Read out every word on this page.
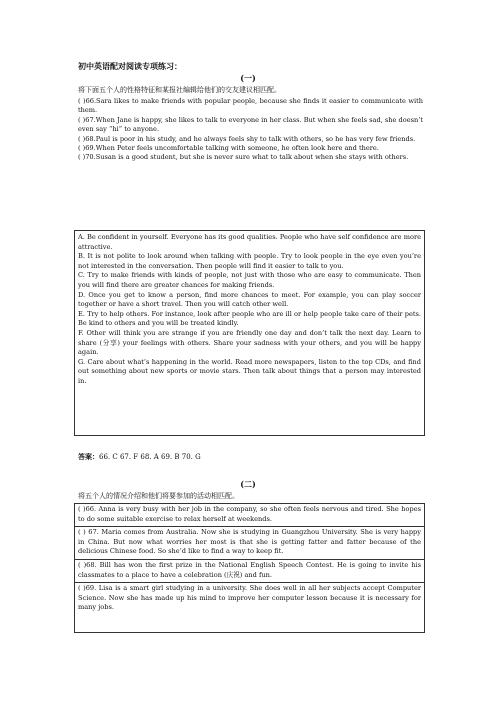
初中英语配对阅读专项练习：
(一)
将下面五个人的性格特征和某报社编辑给他们的交友建议相匹配。

( )66.Sara likes to make friends with popular people, because she finds it easier to communicate with them.

( )67.When Jane is happy, she likes to talk to everyone in her class. But when she feels sad, she doesn’t even say “hi” to anyone.

( )68.Paul is poor in his study, and he always feels shy to talk with others, so he has very few friends.

( )69.When Peter feels uncomfortable talking with someone, he often look here and there.

( )70.Susan is a good student, but she is never sure what to talk about when she stays with others.

A. Be confident in yourself. Everyone has its good qualities. People who have self confidence are more attractive.

B. It is not polite to look around when talking with people. Try to look people in the eye even you’re not interested in the conversation. Then people will find it easier to talk to you.

C. Try to make friends with kinds of people, not just with those who are easy to communicate. Then you will find there are greater chances for making friends.

D. Once you get to know a person, find more chances to meet. For example, you can play soccer together or have a short travel. Then you will catch other well.

E. Try to help others. For instance, look after people who are ill or help people take care of their pets. Be kind to others and you will be treated kindly.

F. Other will think you are strange if you are friendly one day and don’t talk the next day. Learn to share (分享) your feelings with others. Share your sadness with your others, and you will be happy again.

G. Care about what’s happening in the world. Read more newspapers, listen to the top CDs, and find out something about new sports or movie stars. Then talk about things that a person may interested in.

答案：66. C 67. F 68. A 69. B 70. G
(二)
将五个人的情况介绍和他们将要参加的活动相匹配。

( )66. Anna is very busy with her job in the company, so she often feels nervous and tired. She hopes to do some suitable exercise to relax herself at weekends.

( ) 67. Maria comes from Australia. Now she is studying in Guangzhou University. She is very happy in China. But now what worries her most is that she is getting fatter and fatter because of the delicious Chinese food. So she’d like to find a way to keep fit.

( )68. Bill has won the first prize in the National English Speech Contest. He is going to invite his classmates to a place to have a celebration (庆祝) and fun.

( )69. Lisa is a smart girl studying in a university. She does well in all her subjects accept Computer Science. Now she has made up his mind to improve her computer lesson because it is necessary for many jobs.
